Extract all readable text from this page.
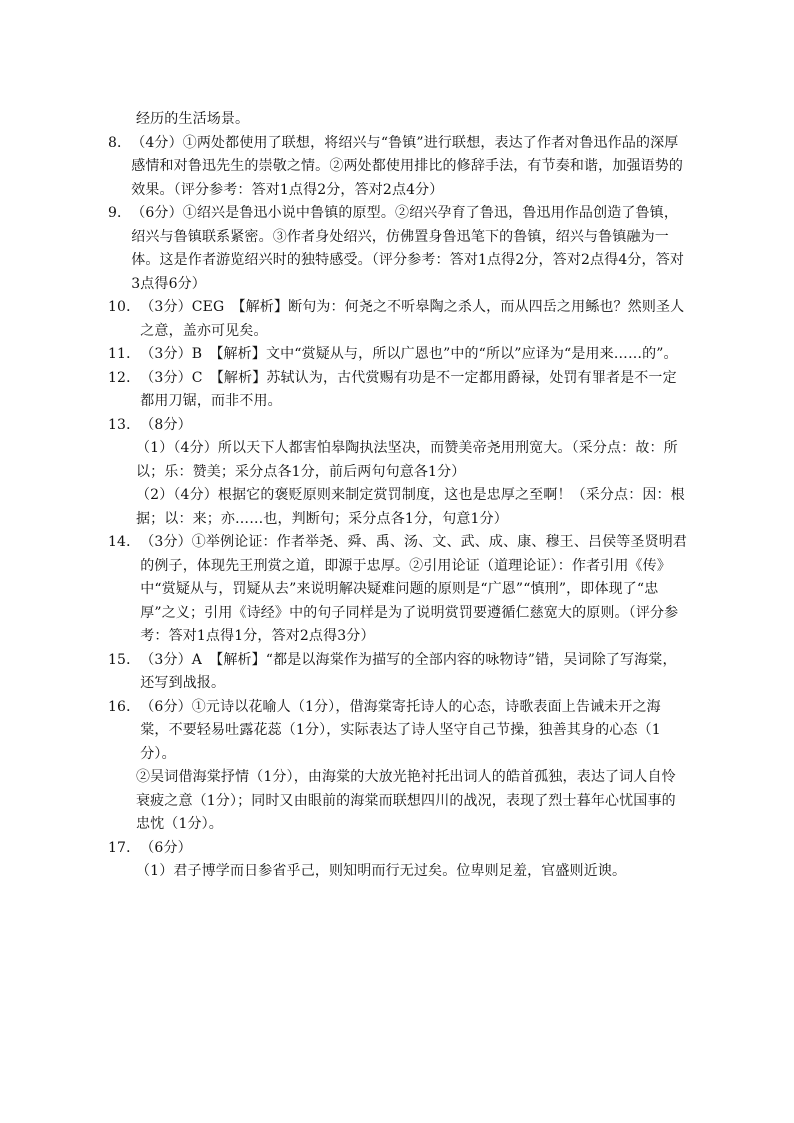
经历的生活场景。

8． （4分）①两处都使用了联想，将绍兴与“鲁镇”进行联想，表达了作者对鲁迅作品的深厚感情和对鲁迅先生的崇敬之情。②两处都使用排比的修辞手法，有节奏和谐，加强语势的效果。（评分参考：答对1点得2分，答对2点4分）
9． （6分）①绍兴是鲁迅小说中鲁镇的原型。②绍兴孕育了鲁迅，鲁迅用作品创造了鲁镇，绍兴与鲁镇联系紧密。③作者身处绍兴，仿佛置身鲁迅笔下的鲁镇，绍兴与鲁镇融为一体。这是作者游览绍兴时的独特感受。（评分参考：答对1点得2分，答对2点得4分，答对3点得6分）
10． （3分）CEG　【解析】断句为：何尧之不听皋陶之杀人，而从四岳之用鲧也？然则圣人之意，盖亦可见矣。
11． （3分）B　【解析】文中“赏疑从与，所以广恩也”中的“所以”应译为“是用来……的”。
12． （3分）C　【解析】苏轼认为，古代赏赐有功是不一定都用爵禄，处罚有罪者是不一定都用刀锯，而非不用。
13． （8分）

（1）（4分）所以天下人都害怕皋陶执法坚决，而赞美帝尧用刑宽大。（采分点：故：所以；乐：赞美；采分点各1分，前后两句句意各1分）

（2）（4分）根据它的褒贬原则来制定赏罚制度，这也是忠厚之至啊！（采分点：因：根据；以：来；亦……也，判断句；采分点各1分，句意1分）

14． （3分）①举例论证：作者举尧、舜、禹、汤、文、武、成、康、穆王、吕侯等圣贤明君的例子，体现先王刑赏之道，即源于忠厚。②引用论证（道理论证）：作者引用《传》中“赏疑从与，罚疑从去”来说明解决疑难问题的原则是“广恩”“慎刑”，即体现了“忠厚”之义；引用《诗经》中的句子同样是为了说明赏罚要遵循仁慈宽大的原则。（评分参考：答对1点得1分，答对2点得3分）
15． （3分）A　【解析】“都是以海棠作为描写的全部内容的咏物诗”错，吴词除了写海棠，还写到战报。
16． （6分）①元诗以花喻人（1分），借海棠寄托诗人的心态，诗歌表面上告诫未开之海棠，不要轻易吐露花蕊（1分），实际表达了诗人坚守自己节操，独善其身的心态（1分）。

②吴词借海棠抒情（1分），由海棠的大放光艳衬托出词人的皓首孤独，表达了词人自怜衰疲之意（1分）；同时又由眼前的海棠而联想四川的战况，表现了烈士暮年心忧国事的忠忱（1分）。

17． （6分）

（1）君子博学而日参省乎己，则知明而行无过矣。位卑则足羞，官盛则近谀。
